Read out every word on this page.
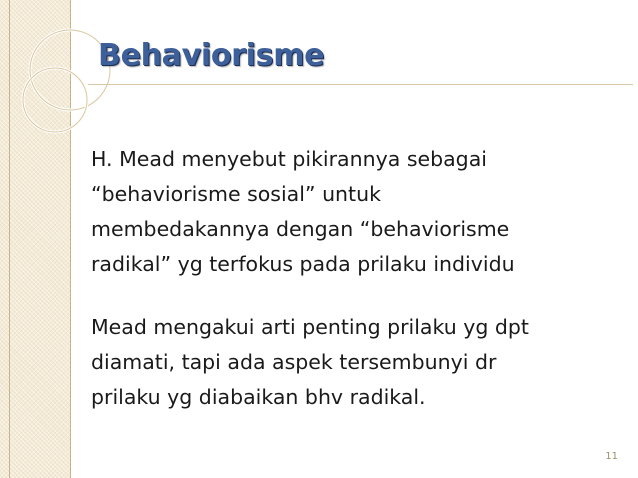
Behaviorisme

H. Mead menyebut pikirannya sebagai
“behaviorisme sosial” untuk
membedakannya dengan “behaviorisme
radikal” yg terfokus pada prilaku individu

Mead mengakui arti penting prilaku yg dpt
diamati, tapi ada aspek tersembunyi dr
prilaku yg diabaikan bhv radikal.

11
